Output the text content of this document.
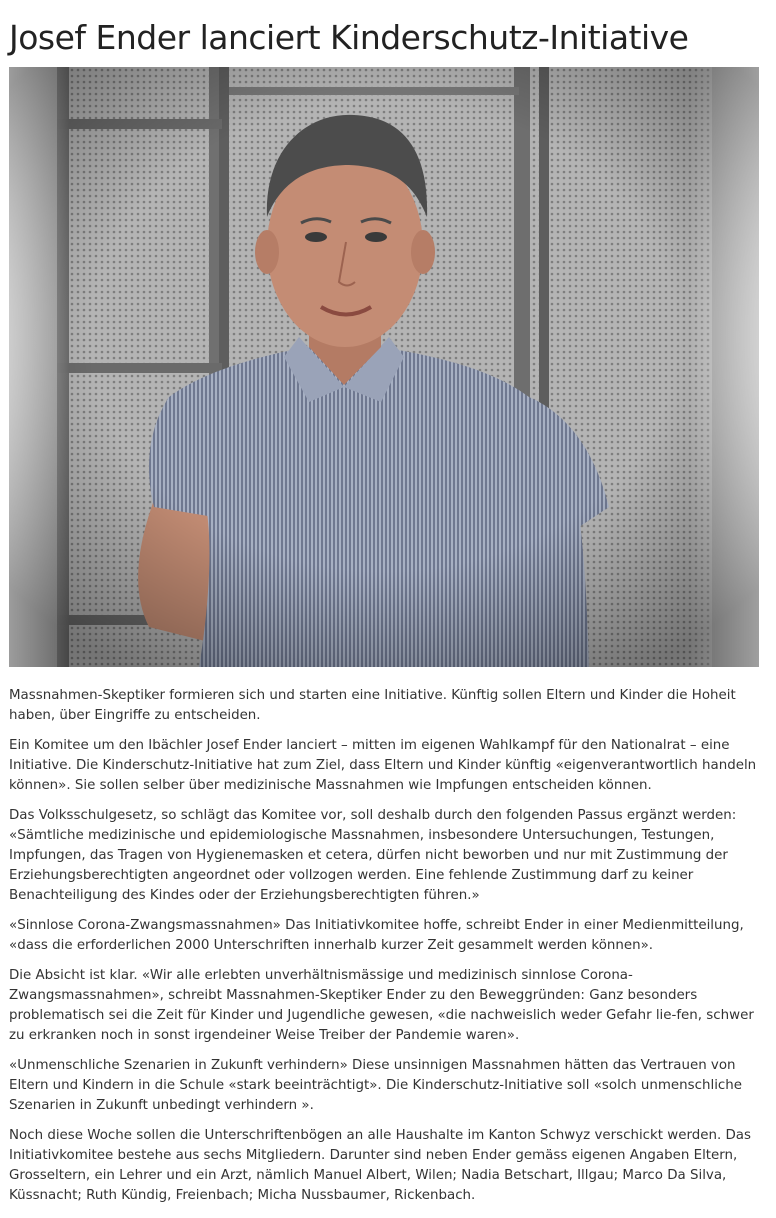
Josef Ender lanciert Kinderschutz-Initiative

Massnahmen-Skeptiker formieren sich und starten eine Initiative. Künftig sollen Eltern und Kinder die Hoheit haben, über Eingriffe zu entscheiden.

Ein Komitee um den Ibächler Josef Ender lanciert – mitten im eigenen Wahlkampf für den Nationalrat – eine Initiative. Die Kinderschutz-Initiative hat zum Ziel, dass Eltern und Kinder künftig «eigenverantwortlich handeln können». Sie sollen selber über medizinische Massnahmen wie Impfungen entscheiden können.

Das Volksschulgesetz, so schlägt das Komitee vor, soll deshalb durch den folgenden Passus ergänzt werden: «Sämtliche medizinische und epidemiologische Massnahmen, insbesondere Untersuchungen, Testungen, Impfungen, das Tragen von Hygienemasken et cetera, dürfen nicht beworben und nur mit Zustimmung der Erziehungsberechtigten angeordnet oder vollzogen werden. Eine fehlende Zustimmung darf zu keiner Benachteiligung des Kindes oder der Erziehungsberechtigten führen.»

«Sinnlose Corona-Zwangsmassnahmen» Das Initiativkomitee hoffe, schreibt Ender in einer Medienmitteilung, «dass die erforderlichen 2000 Unterschriften innerhalb kurzer Zeit gesammelt werden können».

Die Absicht ist klar. «Wir alle erlebten unverhältnismässige und medizinisch sinnlose Corona-Zwangsmassnahmen», schreibt Massnahmen-Skeptiker Ender zu den Beweggründen: Ganz besonders problematisch sei die Zeit für Kinder und Jugendliche gewesen, «die nachweislich weder Gefahr lie-fen, schwer zu erkranken noch in sonst irgendeiner Weise Treiber der Pandemie waren».

«Unmenschliche Szenarien in Zukunft verhindern» Diese unsinnigen Massnahmen hätten das Vertrauen von Eltern und Kindern in die Schule «stark beeinträchtigt». Die Kinderschutz-Initiative soll «solch unmenschliche Szenarien in Zukunft unbedingt verhindern ».

Noch diese Woche sollen die Unterschriftenbögen an alle Haushalte im Kanton Schwyz verschickt werden. Das Initiativkomitee bestehe aus sechs Mitgliedern. Darunter sind neben Ender gemäss eigenen Angaben Eltern, Grosseltern, ein Lehrer und ein Arzt, nämlich Manuel Albert, Wilen; Nadia Betschart, Illgau; Marco Da Silva, Küssnacht; Ruth Kündig, Freienbach; Micha Nussbaumer, Rickenbach.
